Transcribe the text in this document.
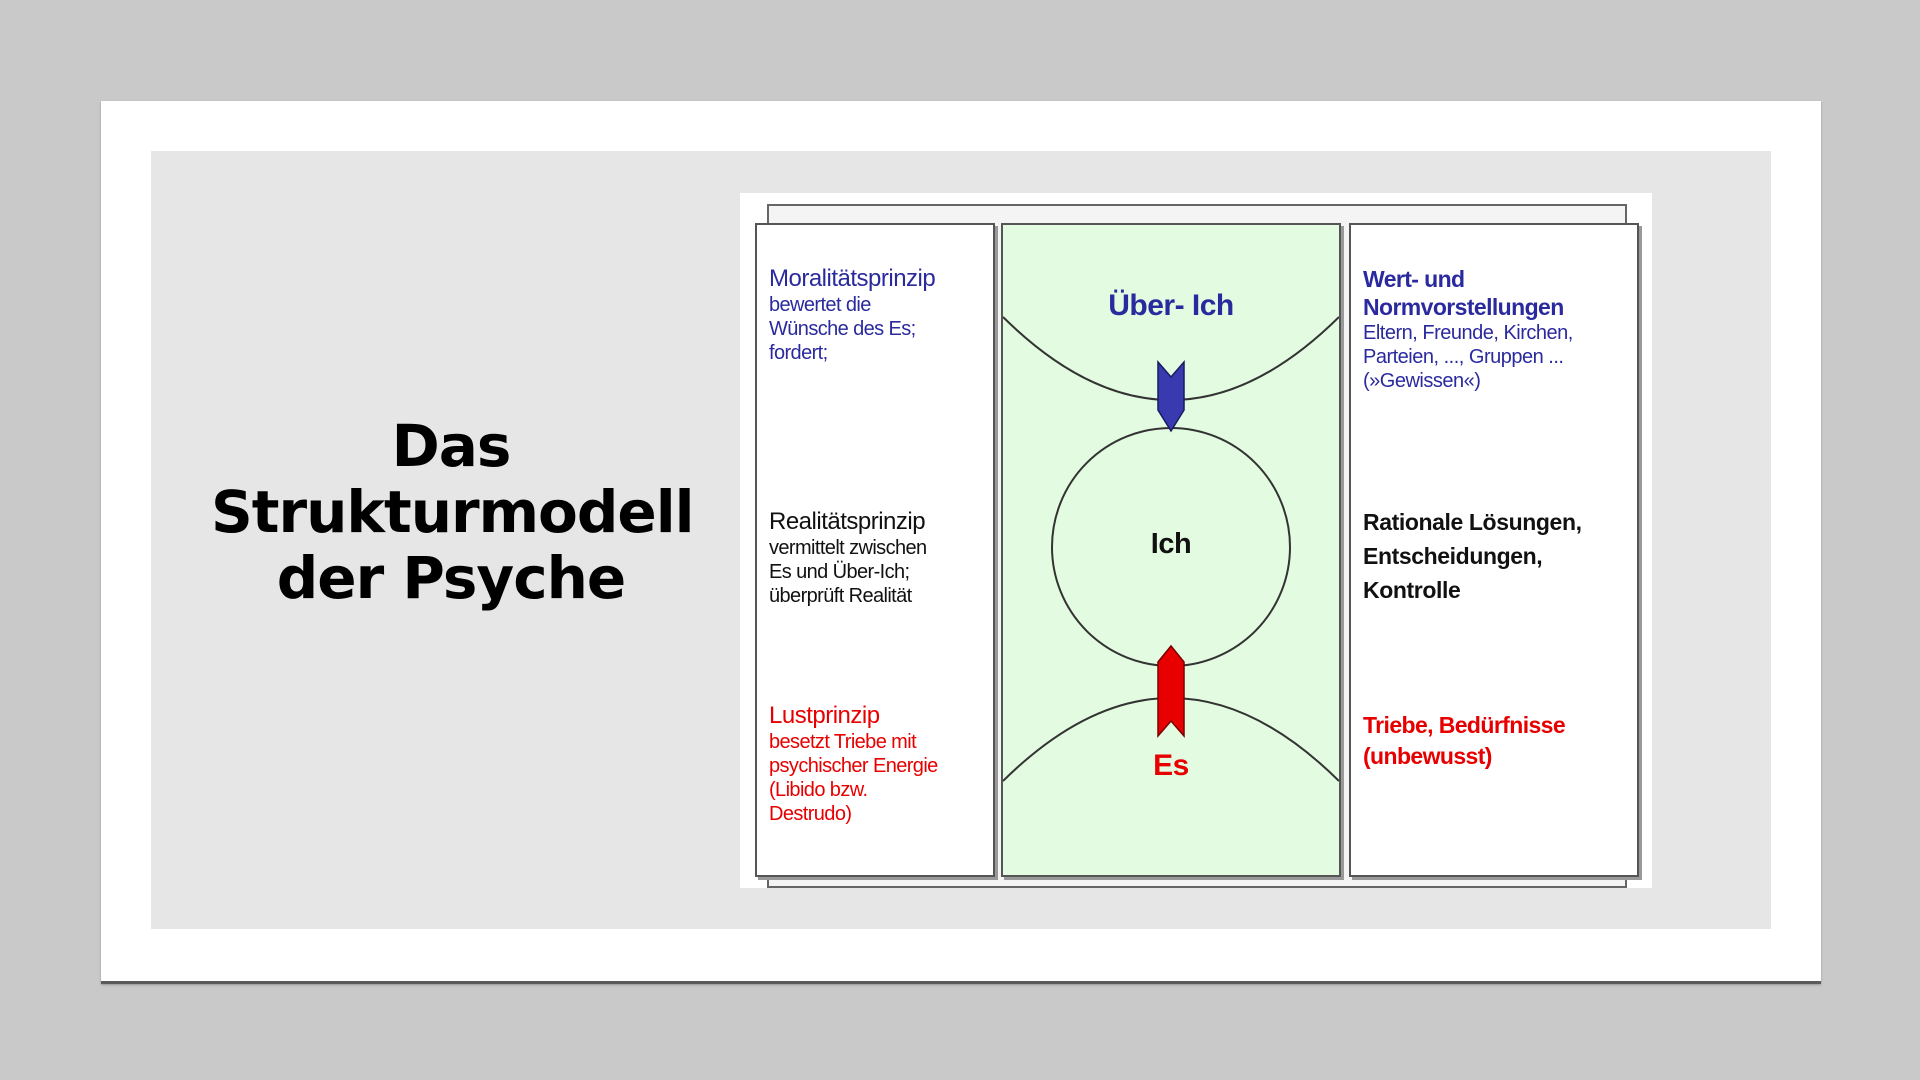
Das
Strukturmodell
der Psyche
Moralitätsprinzip
bewertet die
Wünsche des Es;
fordert;
Realitätsprinzip
vermittelt zwischen
Es und Über-Ich;
überprüft Realität
Lustprinzip
besetzt Triebe mit
psychischer Energie
(Libido bzw.
Destrudo)
Über- Ich
Ich
Es
Wert- und
Normvorstellungen
Eltern, Freunde, Kirchen,
Parteien, ..., Gruppen ...
(»Gewissen«)
Rationale Lösungen,
Entscheidungen,
Kontrolle
Triebe, Bedürfnisse
(unbewusst)
